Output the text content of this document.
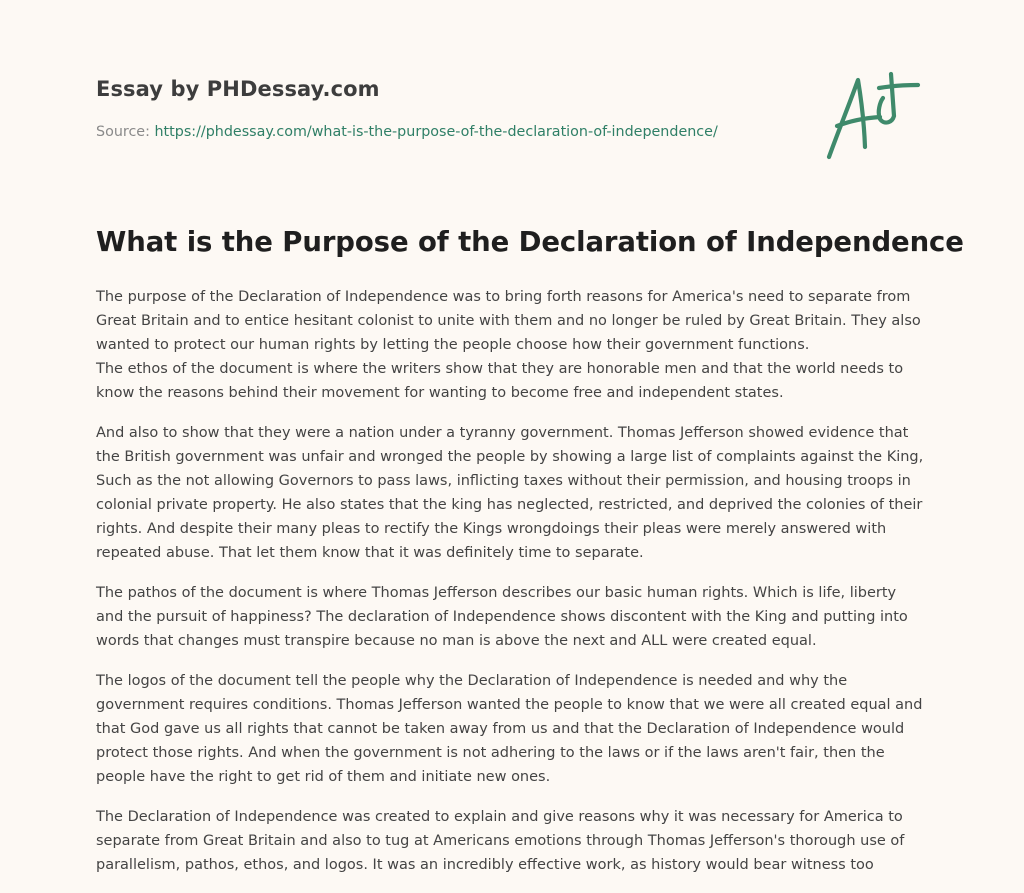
Essay by PHDessay.com
Source: https://phdessay.com/what-is-the-purpose-of-the-declaration-of-independence/
What is the Purpose of the Declaration of Independence

The purpose of the Declaration of Independence was to bring forth reasons for America's need to separate from Great Britain and to entice hesitant colonist to unite with them and no longer be ruled by Great Britain. They also wanted to protect our human rights by letting the people choose how their government functions.

The ethos of the document is where the writers show that they are honorable men and that the world needs to know the reasons behind their movement for wanting to become free and independent states.

And also to show that they were a nation under a tyranny government. Thomas Jefferson showed evidence that the British government was unfair and wronged the people by showing a large list of complaints against the King, Such as the not allowing Governors to pass laws, inflicting taxes without their permission, and housing troops in colonial private property. He also states that the king has neglected, restricted, and deprived the colonies of their rights. And despite their many pleas to rectify the Kings wrongdoings their pleas were merely answered with repeated abuse. That let them know that it was definitely time to separate.

The pathos of the document is where Thomas Jefferson describes our basic human rights. Which is life, liberty and the pursuit of happiness? The declaration of Independence shows discontent with the King and putting into words that changes must transpire because no man is above the next and ALL were created equal.

The logos of the document tell the people why the Declaration of Independence is needed and why the government requires conditions. Thomas Jefferson wanted the people to know that we were all created equal and that God gave us all rights that cannot be taken away from us and that the Declaration of Independence would protect those rights. And when the government is not adhering to the laws or if the laws aren't fair, then the people have the right to get rid of them and initiate new ones.

The Declaration of Independence was created to explain and give reasons why it was necessary for America to separate from Great Britain and also to tug at Americans emotions through Thomas Jefferson's thorough use of parallelism, pathos, ethos, and logos. It was an incredibly effective work, as history would bear witness too
